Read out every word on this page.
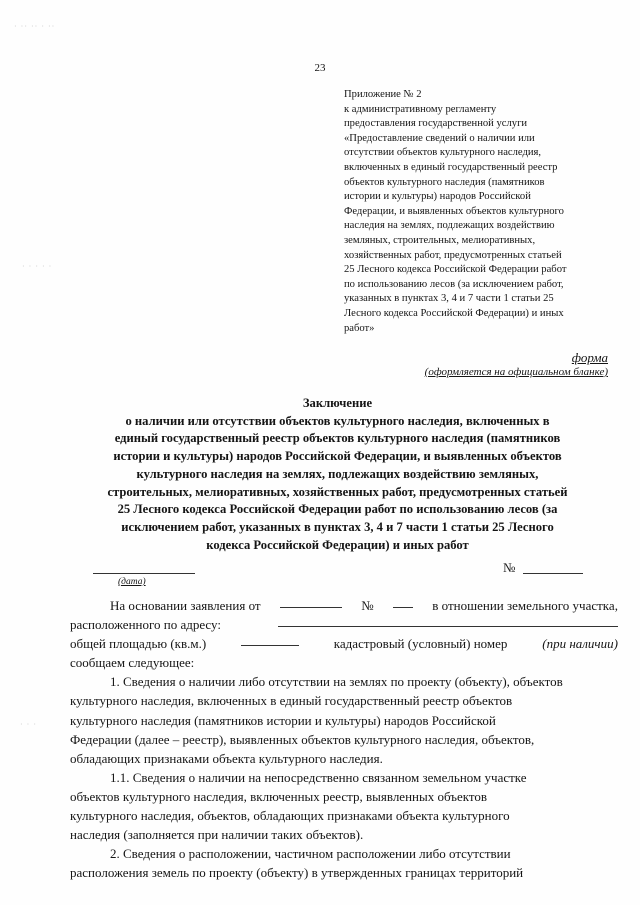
· ·· ·· · ··
· · · · ·
· · ·
23
Приложение № 2
к административному регламенту
предоставления государственной услуги
«Предоставление сведений о наличии или
отсутствии объектов культурного наследия,
включенных в единый государственный реестр
объектов культурного наследия (памятников
истории и культуры) народов Российской
Федерации, и выявленных объектов культурного
наследия на землях, подлежащих воздействию
земляных, строительных, мелиоративных,
хозяйственных работ, предусмотренных статьей
25 Лесного кодекса Российской Федерации работ
по использованию лесов (за исключением работ,
указанных в пунктах 3, 4 и 7 части 1 статьи 25
Лесного кодекса Российской Федерации) и иных
работ»
форма
(оформляется на официальном бланке)
Заключение
о наличии или отсутствии объектов культурного наследия, включенных в
единый государственный реестр объектов культурного наследия (памятников
истории и культуры) народов Российской Федерации, и выявленных объектов
культурного наследия на землях, подлежащих воздействию земляных,
строительных, мелиоративных, хозяйственных работ, предусмотренных статьей
25 Лесного кодекса Российской Федерации работ по использованию лесов (за
исключением работ, указанных в пунктах 3, 4 и 7 части 1 статьи 25 Лесного
кодекса Российской Федерации) и иных работ
(дата)
№
На основании заявления от	№	в отношении земельного участка,
расположенного по адресу:
общей площадью (кв.м.)	кадастровый (условный) номер	(при наличии)
сообщаем следующее:
1. Сведения о наличии либо отсутствии на землях по проекту (объекту), объектов
культурного наследия, включенных в единый государственный реестр объектов
культурного наследия (памятников истории и культуры) народов Российской
Федерации (далее – реестр), выявленных объектов культурного наследия, объектов,
обладающих признаками объекта культурного наследия.
1.1. Сведения о наличии на непосредственно связанном земельном участке
объектов культурного наследия, включенных реестр, выявленных объектов
культурного наследия, объектов, обладающих признаками объекта культурного
наследия (заполняется при наличии таких объектов).
2. Сведения о расположении, частичном расположении либо отсутствии
расположения земель по проекту (объекту) в утвержденных границах территорий
